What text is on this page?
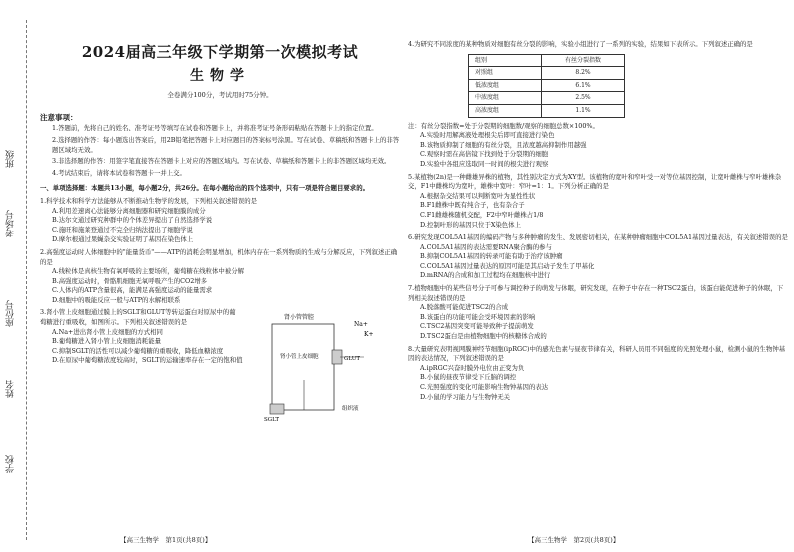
班级
考场号
座位号
姓名
学校
2024届高三年级下学期第一次模拟考试
生物学
全卷满分100分，考试用时75分钟。
注意事项：
1.答题前，先将自己的姓名、准考证号等填写在试卷和答题卡上，并将准考证号条形码粘贴在答题卡上的指定位置。
2.选择题的作答：每小题选出答案后，用2B铅笔把答题卡上对应题目的答案标号涂黑。写在试卷、草稿纸和答题卡上的非答题区域均无效。
3.非选择题的作答：用签字笔直接答在答题卡上对应的答题区域内。写在试卷、草稿纸和答题卡上的非答题区域均无效。
4.考试结束后，请将本试卷和答题卡一并上交。
一、单项选择题：本题共13小题，每小题2分，共26分。在每小题给出的四个选项中，只有一项是符合题目要求的。
1.科学技术和科学方法能够从不断推动生物学的发展，下列相关叙述错误的是
A.利用差速离心法能够分离细胞器和研究细胞膜的成分
B.达尔文通过研究种群中的个体差异提出了自然选择学说
C.施旺和施莱登通过不完全归纳法提出了细胞学说
D.摩尔根通过果蝇杂交实验证明了基因在染色体上
2.高强度运动时人体细胞中的"能量货币"——ATP的消耗会明显增加，机体内存在一系列物质的生成与分解反应，下列叙述正确的是
A.线粒体是真核生物有氧呼吸的主要场所，葡萄糖在线粒体中被分解
B.高强度运动时，骨骼肌细胞无氧呼吸产生的CO2增多
C.人体内的ATP含量很高，能满足高强度运动的能量需求
D.细胞中的吸能反应一般与ATP的水解相联系
3.肾小管上皮细胞通过膜上的SGLT和GLUT等转运蛋白对原尿中的葡萄糖进行重吸收，如图所示。下列相关叙述错误的是
A.Na+进出肾小管上皮细胞的方式相同
B.葡萄糖进入肾小管上皮细胞消耗能量
C.抑制SGLT的活性可以减少葡萄糖的重吸收，降低血糖浓度
D.在原尿中葡萄糖浓度较高时，SGLT的运输速率存在一定的饱和值
肾小管管腔
肾小管上皮细胞	GLUT
SGLT
Na+
K+
组织液
【高三生物学　第1页(共8页)】
4.为研究不同浓度的某种物质对细胞有丝分裂的影响，实验小组进行了一系列的实验，结果如下表所示。下列叙述正确的是
组别	有丝分裂指数
对照组	8.2%
低浓度组	6.1%
中浓度组	2.5%
高浓度组	1.1%
注：有丝分裂指数=处于分裂期的细胞数/观察的细胞总数×100%。
A.实验时用解离液处理根尖后即可直接进行染色
B.该物质抑制了细胞的有丝分裂，且浓度越高抑制作用越强
C.观察时需在高倍镜下找到处于分裂期的细胞
D.实验中各组应选取同一时间的根尖进行观察
5.某植物(2n)是一种雌雄异株的植物，其性别决定方式为XY型。该植物的宽叶和窄叶受一对等位基因控制，让宽叶雌株与窄叶雄株杂交，F1中雌株均为宽叶，雄株中宽叶：窄叶=1：1。下列分析正确的是
A.根据杂交结果可以判断宽叶为显性性状
B.F1雌株中既有纯合子，也有杂合子
C.F1雌雄株随机交配，F2中窄叶雌株占1/8
D.控制叶形的基因只位于X染色体上
6.研究发现COL5A1基因的编码产物与多种肿瘤的发生、发展密切相关，在某种肿瘤细胞中COL5A1基因过量表达，有关叙述错误的是
A.COL5A1基因的表达需要RNA聚合酶的参与
B.抑制COL5A1基因的转录可能有助于治疗该肿瘤
C.COL5A1基因过量表达的原因可能是其启动子发生了甲基化
D.mRNA的合成和加工过程均在细胞核中进行
7.植物细胞中的某些信号分子可参与调控种子的萌发与休眠，研究发现，在种子中存在一种TSC2蛋白，该蛋白能促进种子的休眠，下列相关叙述错误的是
A.脱落酸可能促进TSC2的合成
B.该蛋白的功能可能会受环境因素的影响
C.TSC2基因突变可能导致种子提前萌发
D.TSC2蛋白是由植物细胞中的核糖体合成的
8.大量研究表明视网膜神经节细胞(ipRGC)中的感光色素与昼夜节律有关，科研人员用不同强度的光照处理小鼠，检测小鼠的生物钟基因的表达情况，下列叙述错误的是
A.ipRGC兴奋时膜外电位由正变为负
B.小鼠的昼夜节律受下丘脑的调控
C.光照强度的变化可能影响生物钟基因的表达
D.小鼠的学习能力与生物钟无关
【高三生物学　第2页(共8页)】
